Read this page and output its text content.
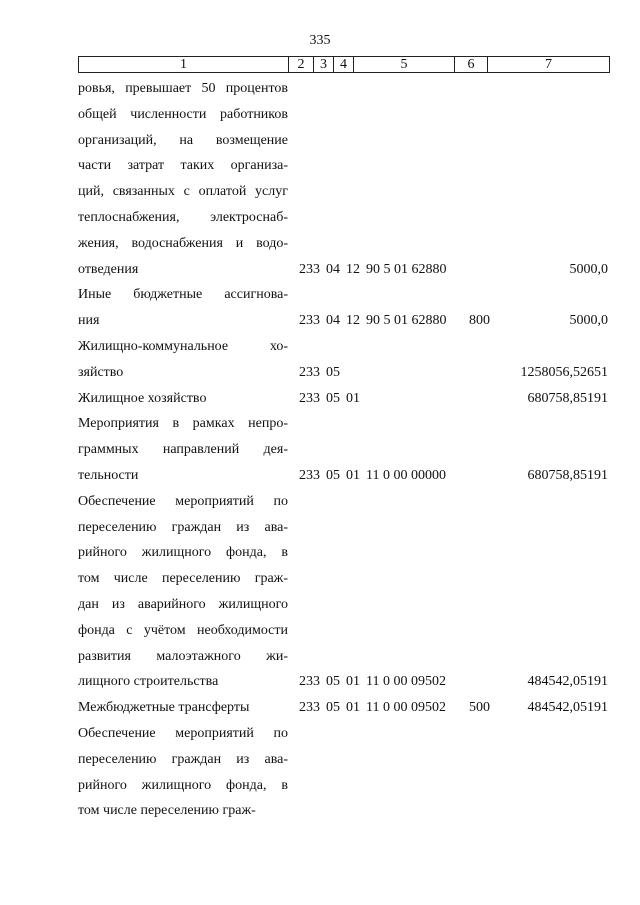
335
1	2	3	4	5	6	7
ровья, превышает 50 процентов
общей численности работников
организаций, на возмещение
части затрат таких организа-
ций, связанных с оплатой услуг
теплоснабжения, электроснаб-
жения, водоснабжения и водо-
отведения	233 04 12 90 5 01 62880	5000,0
Иные бюджетные ассигнова-
ния	233 04 12 90 5 01 62880 800	5000,0
Жилищно-коммунальное хо-
зяйство	233 05	1258056,52651
Жилищное хозяйство	233 05 01	680758,85191
Мероприятия в рамках непро-
граммных направлений дея-
тельности	233 05 01 11 0 00 00000	680758,85191
Обеспечение мероприятий по
переселению граждан из ава-
рийного жилищного фонда, в
том числе переселению граж-
дан из аварийного жилищного
фонда с учётом необходимости
развития малоэтажного жи-
лищного строительства	233 05 01 11 0 00 09502	484542,05191
Межбюджетные трансферты	233 05 01 11 0 00 09502 500	484542,05191
Обеспечение мероприятий по
переселению граждан из ава-
рийного жилищного фонда, в
том числе переселению граж-
